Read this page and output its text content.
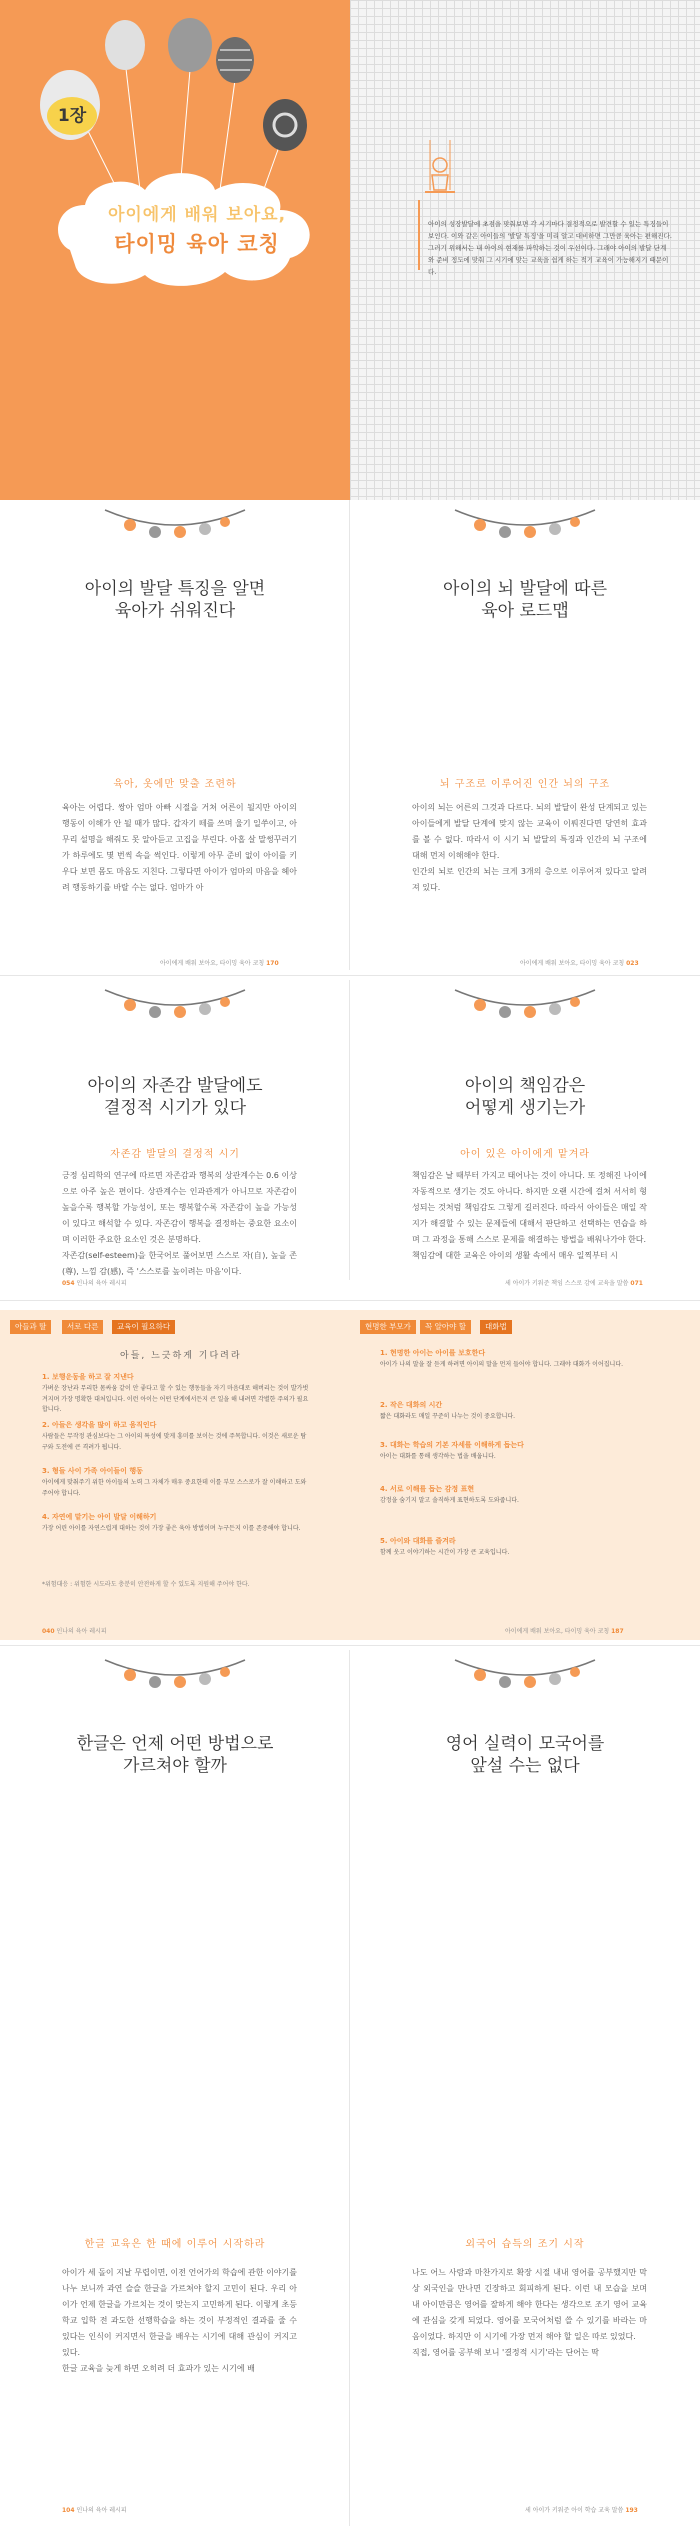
1장
아이에게 배워 보아요,
타이밍 육아 코칭
아이의 성장발달에 초점을 맞춰보면 각 시기마다 결정적으로 발견할 수 있는 특징들이 보인다. 이와 같은 아이들의 '발달 특징'을 미리 알고 대비하면 그만큼 육아는 편해진다. 그러기 위해서는 내 아이의 현재를 파악하는 것이 우선이다. 그래야 아이의 발달 단계와 준비 정도에 맞춰 그 시기에 맞는 교육을 쉽게 하는 적기 교육이 가능해지기 때문이다.
아이의 발달 특징을 알면
육아가 쉬워진다
육아, 옷에만 맞출 조련하
육아는 어렵다. 쌍아 엄마 아빠 시절을 거쳐 어른이 될지만 아이의 행동이 이해가 안 될 때가 많다. 갑자기 떼를 쓰며 울기 일쑤이고, 아무리 설명을 해줘도 못 알아듣고 고집을 부린다. 아홉 살 말썽꾸러기가 하루에도 몇 번씩 속을 썩인다. 이렇게 아무 준비 없이 아이를 키우다 보면 몸도 마음도 지친다. 그렇다면 아이가 엄마의 마음을 헤아려 행동하기를 바랄 수는 없다. 엄마가 아
아이에게 배워 보아요, 타이밍 육아 코칭 170
아이의 뇌 발달에 따른
육아 로드맵
뇌 구조로 이루어진 인간 뇌의 구조
아이의 뇌는 어른의 그것과 다르다. 뇌의 발달이 완성 단계되고 있는 아이들에게 발달 단계에 맞지 않는 교육이 이뤄진다면 당연히 효과를 볼 수 없다. 따라서 이 시기 뇌 발달의 특징과 인간의 뇌 구조에 대해 먼저 이해해야 한다.
인간의 뇌로 인간의 뇌는 크게 3개의 층으로 이루어져 있다고 알려져 있다.
아이에게 배워 보아요, 타이밍 육아 코칭 023
아이의 자존감 발달에도
결정적 시기가 있다
자존감 발달의 결정적 시기
긍정 심리학의 연구에 따르면 자존감과 행복의 상관계수는 0.6 이상으로 아주 높은 편이다. 상관계수는 인과관계가 아니므로 자존감이 높을수록 행복할 가능성이, 또는 행복할수록 자존감이 높을 가능성이 있다고 해석할 수 있다. 자존감이 행복을 결정하는 중요한 요소이 며 이러한 주요한 요소인 것은 분명하다.
자존감(self-esteem)을 한국어로 풀어보면 스스로 자(自), 높을 존(尊), 느낌 감(感), 즉 '스스로를 높이려는 마음'이다.
054 인나의 육아 레시피
아이의 책임감은
어떻게 생기는가
아이 있은 아이에게 맡겨라
책임감은 날 때부터 가지고 태어나는 것이 아니다. 또 정해진 나이에 자동적으로 생기는 것도 아니다. 하지만 오랜 시간에 걸쳐 서서히 형성되는 것처럼 책임감도 그렇게 길러진다. 따라서 아이들은 매일 작지가 해결할 수 있는 문제들에 대해서 판단하고 선택하는 연습을 하며 그 과정을 통해 스스로 문제를 해결하는 방법을 배워나가야 한다.
책임감에 대한 교육은 아이의 생활 속에서 매우 일찍부터 시
세 아이가 키워준 책임 스스로 감에 교육을 말씀 071
아들과 딸	서로 다른	교육이 필요하다	현명한 부모가	꼭 알아야 할	대화법
아들, 느긋하게 기다려라
1. 보행운동을 하고 잘 지낸다
가벼운 장난과 무리한 몸싸움 같이 안 좋다고 할 수 있는 행동들을 자기 마음대로 해버리는 것이 발가벗겨지며 가장 명확한 대처입니다. 이런 아이는 어떤 단계에서든지 큰 일을 해 내려면 각별한 주의가 필요합니다.
2. 아들은 생각을 많이 하고 움직인다
사람들은 무작정 관심보다는 그 아이의 특성에 맞게 흥미를 보이는 것에 주목합니다. 이것은 새로운 탐구와 도전에 큰 격려가 됩니다.
3. 형들 사이 가족 아이들이 행동
아이에게 맞춰주기 위한 아이들의 노력 그 자체가 매우 중요한데 이를 부모 스스로가 잘 이해하고 도와주어야 합니다.
4. 자연에 맡기는 아이 발달 이해하기
가장 어린 아이를 자연스럽게 대하는 것이 가장 좋은 육아 방법이며 누구든지 이를 존중해야 합니다.
*위험대응 : 위험한 시도라도 충분히 안전하게 할 수 있도록 지원해 주어야 한다.
040 인나의 육아 레시피
1. 현명한 아이는 아이를 보호한다
아이가 나의 말을 잘 듣게 하려면 아이의 말을 먼저 들어야 합니다. 그래야 대화가 이어집니다.
2. 작은 대화의 시간
짧은 대화라도 매일 꾸준히 나누는 것이 중요합니다.
3. 대화는 학습의 기본 자세를 이해하게 돕는다
아이는 대화를 통해 생각하는 법을 배웁니다.
4. 서로 이해를 돕는 감정 표현
감정을 숨기지 말고 솔직하게 표현하도록 도와줍니다.
5. 아이와 대화를 즐겨라
함께 웃고 이야기하는 시간이 가장 큰 교육입니다.
아이에게 배워 보아요, 타이밍 육아 코칭 187
한글은 언제 어떤 방법으로
가르쳐야 할까
한글 교육은 한 때에 이루어 시작하라
아이가 세 돌이 지날 무렵이면, 이전 언어가의 학습에 관한 이야기를 나누 보니까 과연 슬슬 한글을 가르쳐야 할지 고민이 된다. 우리 아이가 언제 한글을 가르치는 것이 맞는지 고민하게 된다. 이렇게 초등학교 입학 전 과도한 선행학습을 하는 것이 부정적인 결과를 줄 수 있다는 인식이 커지면서 한글을 배우는 시기에 대해 관심이 커지고 있다.
한글 교육을 늦게 하면 오히려 더 효과가 있는 시기에 배
104 인나의 육아 레시피
영어 실력이 모국어를
앞설 수는 없다
외국어 습득의 조기 시작
나도 어느 사람과 마찬가지로 확장 시절 내내 영어를 공부했지만 막상 외국인을 만나면 긴장하고 회피하게 된다. 이런 내 모습을 보며 내 아이만큼은 영어를 잘하게 해야 한다는 생각으로 조기 영어 교육에 관심을 갖게 되었다. 영어를 모국어처럼 쓸 수 있기를 바라는 마음이었다. 하지만 이 시기에 가장 먼저 해야 할 일은 따로 있었다.
직접, 영어를 공부해 보니 '결정적 시기'라는 단어는 딱
세 아이가 키워준 아이 학습 교육 말씀 193
